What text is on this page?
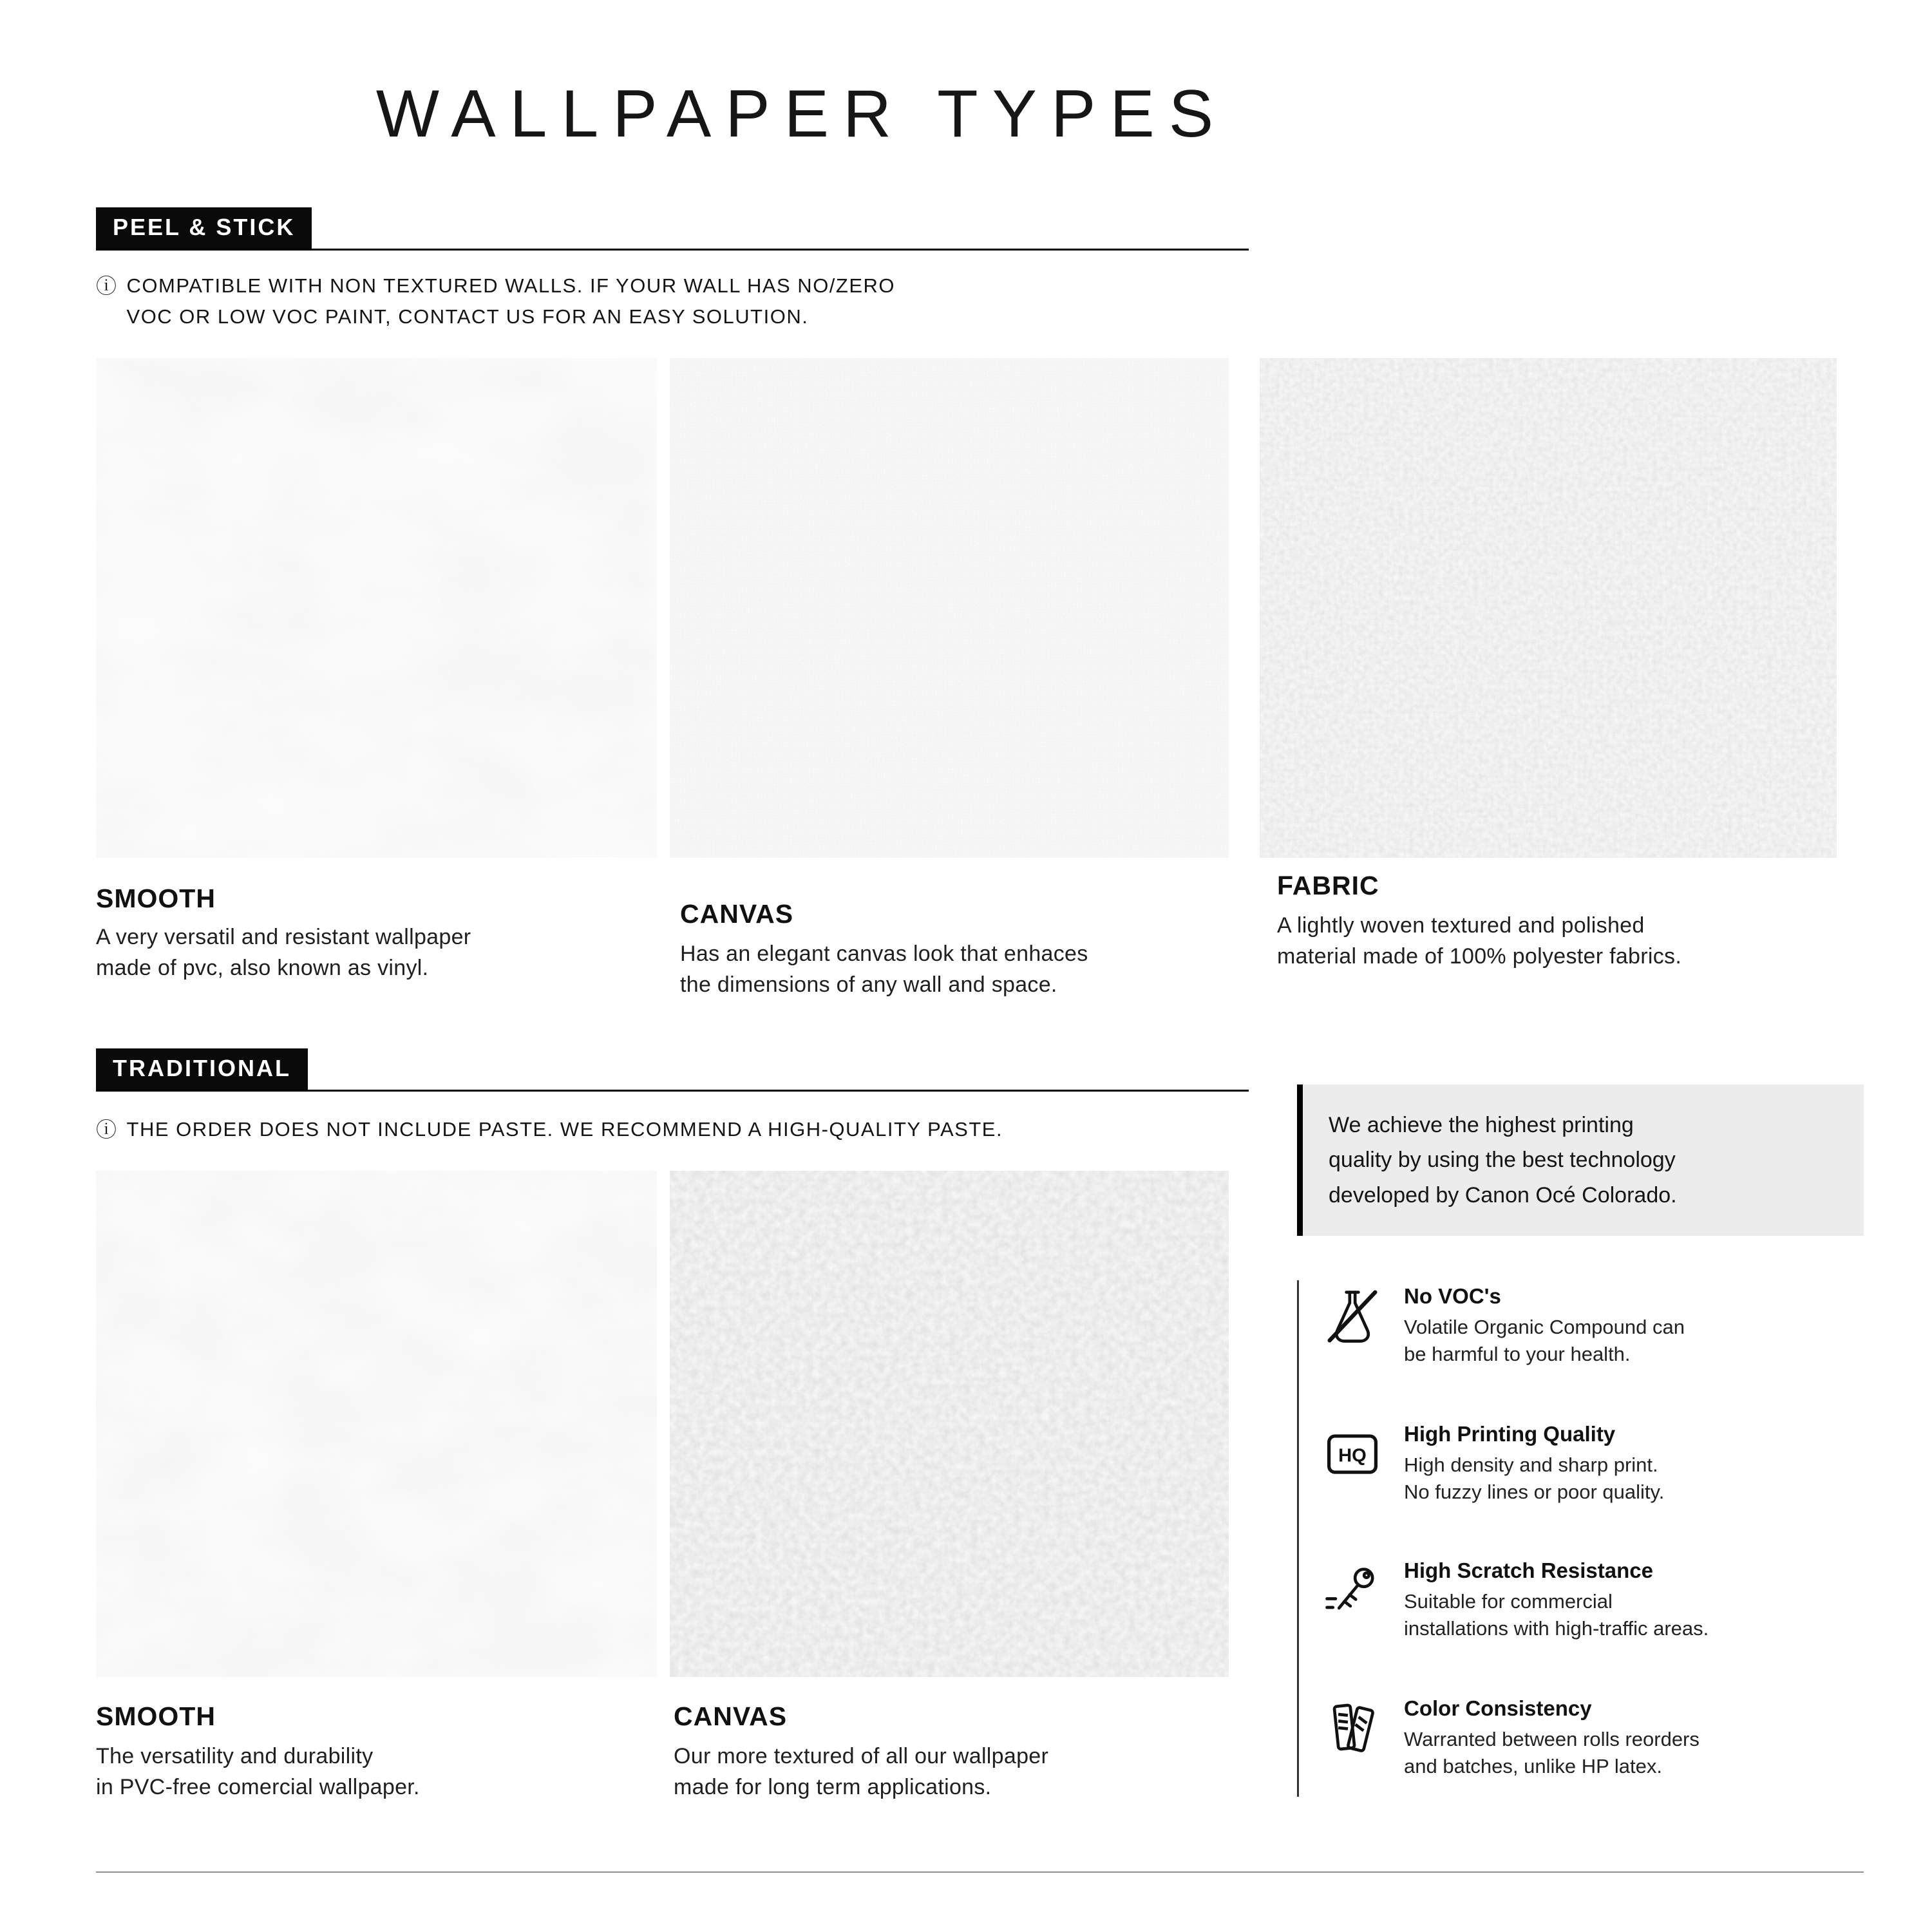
WALLPAPER TYPES
PEEL & STICK
ⓘ COMPATIBLE WITH NON TEXTURED WALLS. IF YOUR WALL HAS NO/ZERO
VOC OR LOW VOC PAINT, CONTACT US FOR AN EASY SOLUTION.
SMOOTH
A very versatil and resistant wallpaper
made of pvc, also known as vinyl.
CANVAS
Has an elegant canvas look that enhaces
the dimensions of any wall and space.
FABRIC
A lightly woven textured and polished
material made of 100% polyester fabrics.
TRADITIONAL
ⓘ THE ORDER DOES NOT INCLUDE PASTE. WE RECOMMEND A HIGH-QUALITY PASTE.	We achieve the highest printing
quality by using the best technology
developed by Canon Océ Colorado.
SMOOTH
The versatility and durability
in PVC-free comercial wallpaper.
CANVAS
Our more textured of all our wallpaper
made for long term applications.
No VOC's
Volatile Organic Compound can
be harmful to your health.
HQ
High Printing Quality
High density and sharp print.
No fuzzy lines or poor quality.
High Scratch Resistance
Suitable for commercial
installations with high-traffic areas.
Color Consistency
Warranted between rolls reorders
and batches, unlike HP latex.
